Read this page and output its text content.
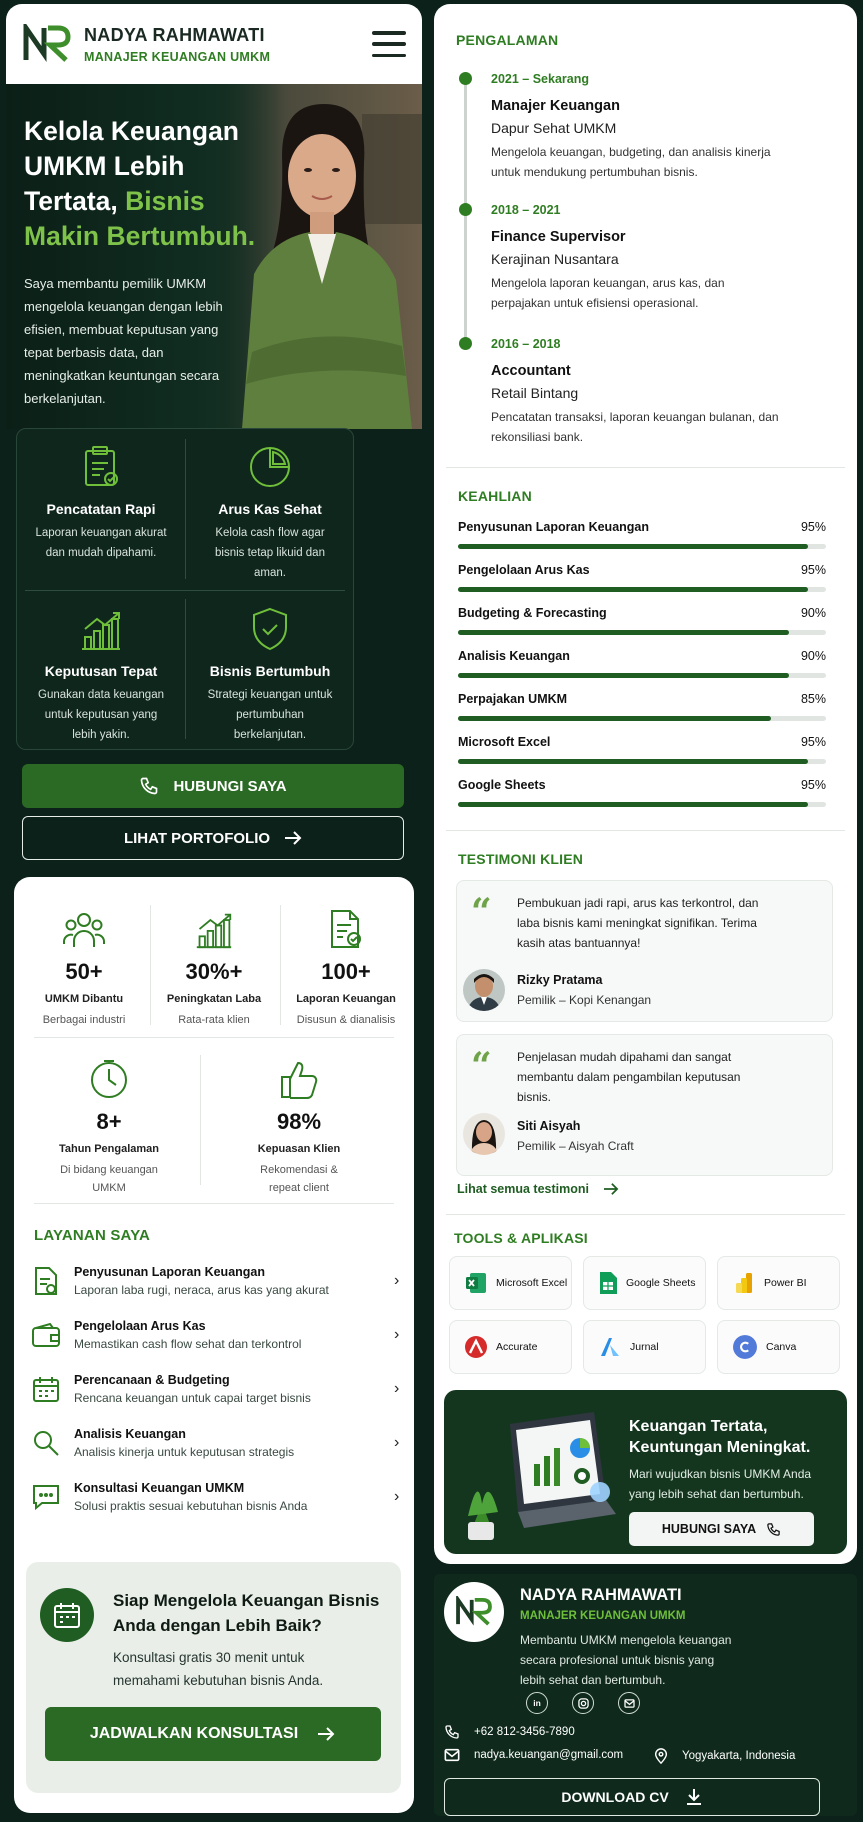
NADYA RAHMAWATI
MANAJER KEUANGAN UMKM
Kelola Keuangan UMKM Lebih Tertata, Bisnis Makin Bertumbuh.
Saya membantu pemilik UMKM mengelola keuangan dengan lebih efisien, membuat keputusan yang tepat berbasis data, dan meningkatkan keuntungan secara berkelanjutan.
Pencatatan Rapi
Laporan keuangan akurat dan mudah dipahami.
Arus Kas Sehat
Kelola cash flow agar bisnis tetap likuid dan aman.
Keputusan Tepat
Gunakan data keuangan untuk keputusan yang lebih yakin.
Bisnis Bertumbuh
Strategi keuangan untuk pertumbuhan berkelanjutan.
HUBUNGI SAYA
LIHAT PORTOFOLIO
50+
UMKM Dibantu
Berbagai industri
30%+
Peningkatan Laba
Rata-rata klien
100+
Laporan Keuangan
Disusun & dianalisis
8+
Tahun Pengalaman
Di bidang keuangan UMKM
98%
Kepuasan Klien
Rekomendasi & repeat client
LAYANAN SAYA
Penyusunan Laporan Keuangan
Laporan laba rugi, neraca, arus kas yang akurat
›
Pengelolaan Arus Kas
Memastikan cash flow sehat dan terkontrol
›
Perencanaan & Budgeting
Rencana keuangan untuk capai target bisnis
›
Analisis Keuangan
Analisis kinerja untuk keputusan strategis
›
Konsultasi Keuangan UMKM
Solusi praktis sesuai kebutuhan bisnis Anda
›
Siap Mengelola Keuangan Bisnis Anda dengan Lebih Baik?
Konsultasi gratis 30 menit untuk memahami kebutuhan bisnis Anda.
JADWALKAN KONSULTASI
PENGALAMAN
2021 – Sekarang
Manajer Keuangan
Dapur Sehat UMKM
Mengelola keuangan, budgeting, dan analisis kinerja untuk mendukung pertumbuhan bisnis.
2018 – 2021
Finance Supervisor
Kerajinan Nusantara
Mengelola laporan keuangan, arus kas, dan perpajakan untuk efisiensi operasional.
2016 – 2018
Accountant
Retail Bintang
Pencatatan transaksi, laporan keuangan bulanan, dan rekonsiliasi bank.
KEAHLIAN
Penyusunan Laporan Keuangan	95%
Pengelolaan Arus Kas	95%
Budgeting & Forecasting	90%
Analisis Keuangan	90%
Perpajakan UMKM	85%
Microsoft Excel	95%
Google Sheets	95%
TESTIMONI KLIEN
“ Pembukuan jadi rapi, arus kas terkontrol, dan laba bisnis kami meningkat signifikan. Terima kasih atas bantuannya!
Rizky Pratama
Pemilik – Kopi Kenangan
“ Penjelasan mudah dipahami dan sangat membantu dalam pengambilan keputusan bisnis.
Siti Aisyah
Pemilik – Aisyah Craft
Lihat semua testimoni
TOOLS & APLIKASI
Microsoft Excel	Google Sheets	Power BI
Accurate	Jurnal	Canva
Keuangan Tertata, Keuntungan Meningkat.
Mari wujudkan bisnis UMKM Anda yang lebih sehat dan bertumbuh.
HUBUNGI SAYA
NADYA RAHMAWATI
MANAJER KEUANGAN UMKM
Membantu UMKM mengelola keuangan secara profesional untuk bisnis yang lebih sehat dan bertumbuh.
in
+62 812-3456-7890
nadya.keuangan@gmail.com	Yogyakarta, Indonesia
DOWNLOAD CV
